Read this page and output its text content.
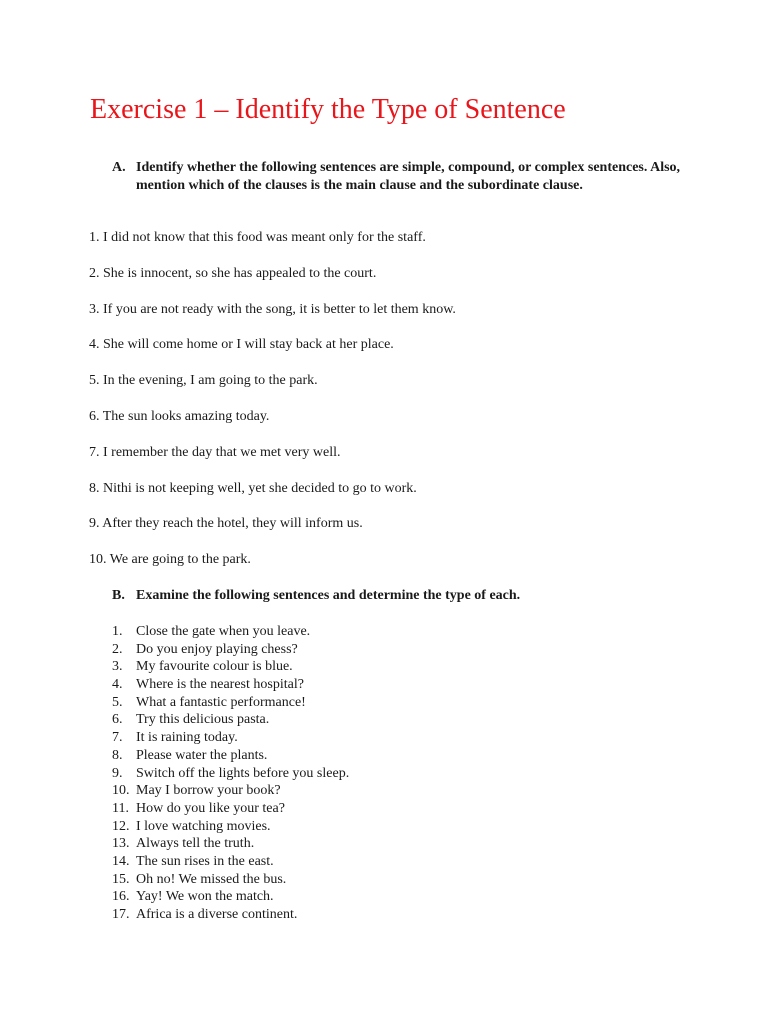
Exercise 1 – Identify the Type of Sentence
A. Identify whether the following sentences are simple, compound, or complex sentences. Also, mention which of the clauses is the main clause and the subordinate clause.
1. I did not know that this food was meant only for the staff.
2. She is innocent, so she has appealed to the court.
3. If you are not ready with the song, it is better to let them know.
4. She will come home or I will stay back at her place.
5. In the evening, I am going to the park.
6. The sun looks amazing today.
7. I remember the day that we met very well.
8. Nithi is not keeping well, yet she decided to go to work.
9. After they reach the hotel, they will inform us.
10. We are going to the park.
B. Examine the following sentences and determine the type of each.
1. Close the gate when you leave.
2. Do you enjoy playing chess?
3. My favourite colour is blue.
4. Where is the nearest hospital?
5. What a fantastic performance!
6. Try this delicious pasta.
7. It is raining today.
8. Please water the plants.
9. Switch off the lights before you sleep.
10. May I borrow your book?
11. How do you like your tea?
12. I love watching movies.
13. Always tell the truth.
14. The sun rises in the east.
15. Oh no! We missed the bus.
16. Yay! We won the match.
17. Africa is a diverse continent.
